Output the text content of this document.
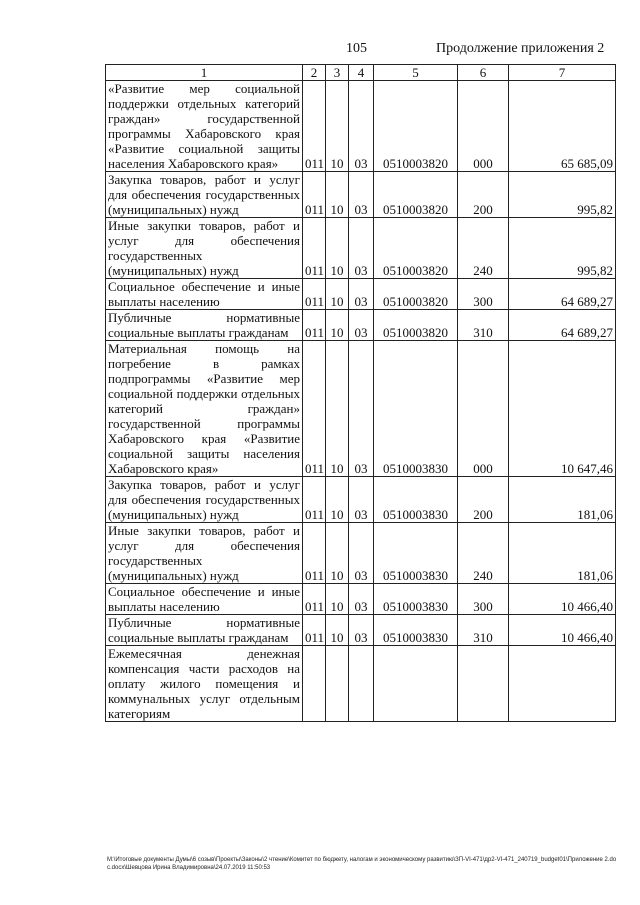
105	Продолжение приложения 2
1	2	3	4	5	6	7
«Развитие мер социальной поддержки отдельных категорий граждан» государственной программы Хабаровского края «Развитие социальной защиты населения Хабаровского края»	011	10	03	0510003820	000	65 685,09
Закупка товаров, работ и услуг для обеспечения государственных (муниципальных) нужд	011	10	03	0510003820	200	995,82
Иные закупки товаров, работ и услуг для обеспечения государственных (муниципальных) нужд	011	10	03	0510003820	240	995,82
Социальное обеспечение и иные выплаты населению	011	10	03	0510003820	300	64 689,27
Публичные нормативные социальные выплаты гражданам	011	10	03	0510003820	310	64 689,27
Материальная помощь на погребение в рамках подпрограммы «Развитие мер социальной поддержки отдельных категорий граждан» государственной программы Хабаровского края «Развитие социальной защиты населения Хабаровского края»	011	10	03	0510003830	000	10 647,46
Закупка товаров, работ и услуг для обеспечения государственных (муниципальных) нужд	011	10	03	0510003830	200	181,06
Иные закупки товаров, работ и услуг для обеспечения государственных (муниципальных) нужд	011	10	03	0510003830	240	181,06
Социальное обеспечение и иные выплаты населению	011	10	03	0510003830	300	10 466,40
Публичные нормативные социальные выплаты гражданам	011	10	03	0510003830	310	10 466,40
Ежемесячная денежная компенсация части расходов на оплату жилого помещения и коммунальных услуг отдельным категориям						
M:\Итоговые документы Думы\6 созыв\Проекты\Законы\2 чтение\Комитет по бюджету, налогам и экономическому развитию\ЗП-VI-471\др2-VI-471_240719_budget01\Приложение 2.doc.docx\Шевцова Ирина Владимировна\24.07.2019 11:50:53
